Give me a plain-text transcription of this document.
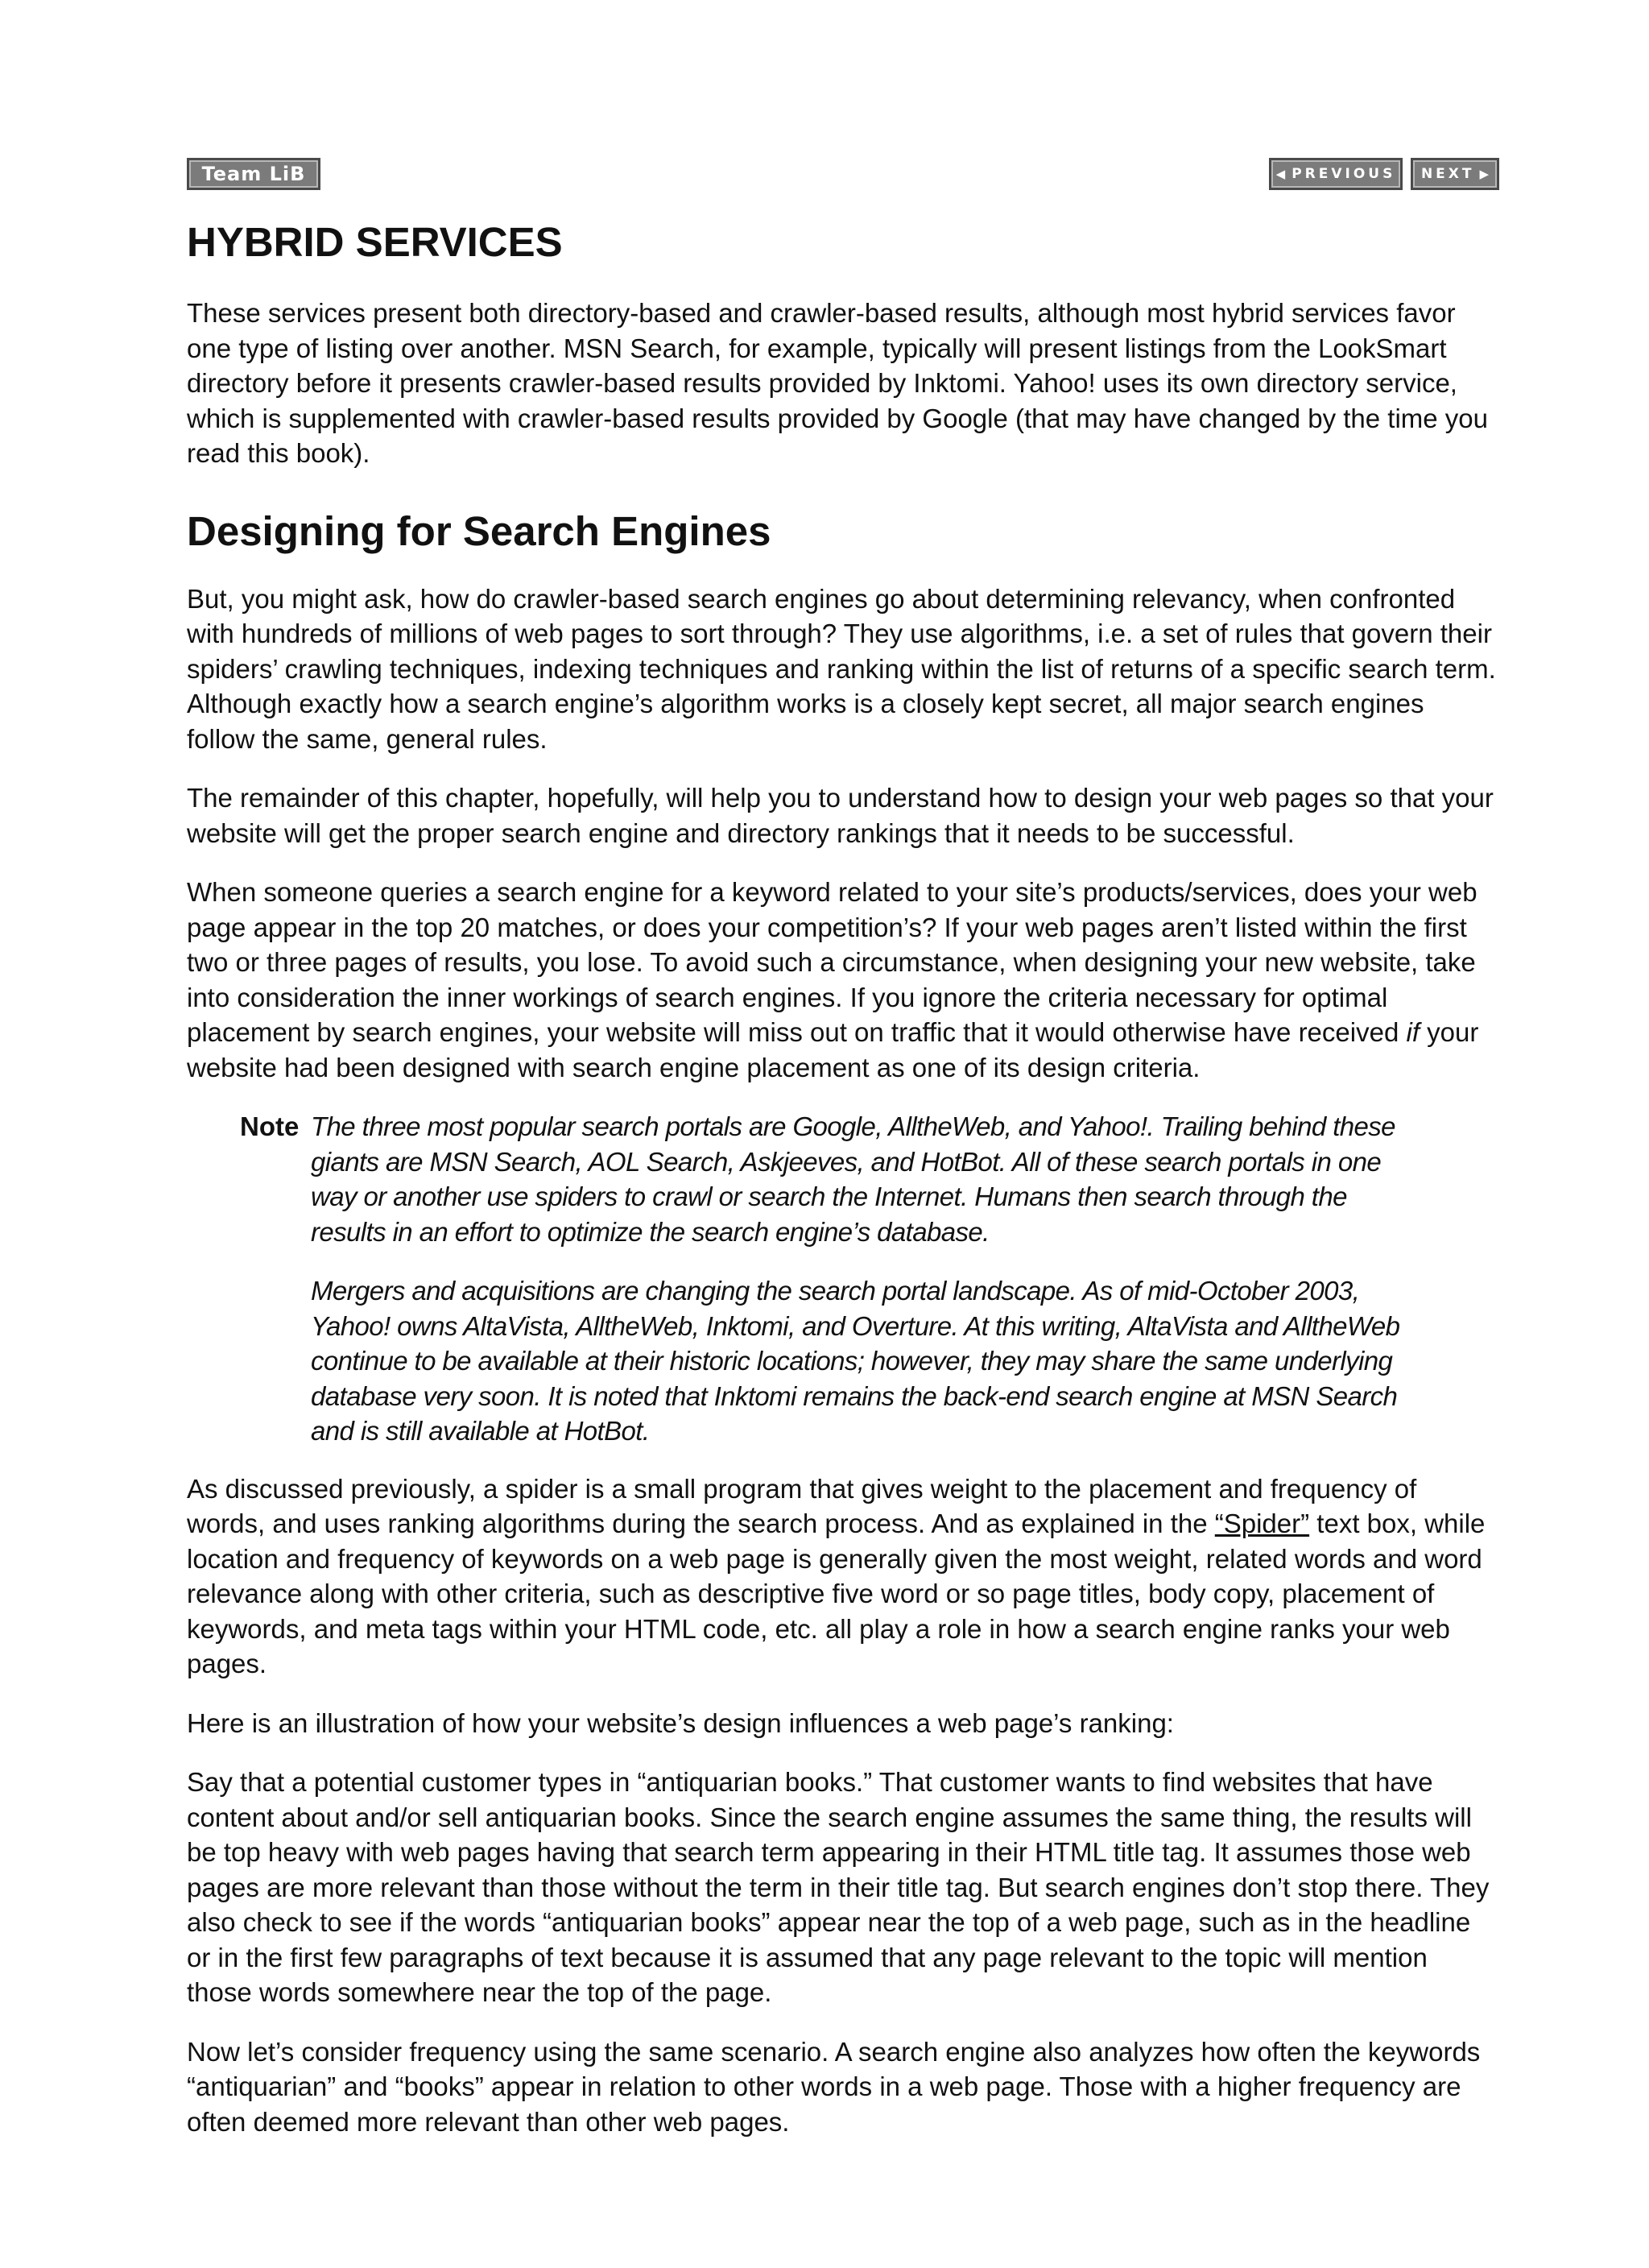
Team LiB	◀ PREVIOUS NEXT ▶
HYBRID SERVICES

These services present both directory-based and crawler-based results, although most hybrid services favor one type of listing over another. MSN Search, for example, typically will present listings from the LookSmart directory before it presents crawler-based results provided by Inktomi. Yahoo! uses its own directory service, which is supplemented with crawler-based results provided by Google (that may have changed by the time you read this book).

Designing for Search Engines

But, you might ask, how do crawler-based search engines go about determining relevancy, when confronted with hundreds of millions of web pages to sort through? They use algorithms, i.e. a set of rules that govern their spiders’ crawling techniques, indexing techniques and ranking within the list of returns of a specific search term. Although exactly how a search engine’s algorithm works is a closely kept secret, all major search engines follow the same, general rules.

The remainder of this chapter, hopefully, will help you to understand how to design your web pages so that your website will get the proper search engine and directory rankings that it needs to be successful.

When someone queries a search engine for a keyword related to your site’s products/services, does your web page appear in the top 20 matches, or does your competition’s? If your web pages aren’t listed within the first two or three pages of results, you lose. To avoid such a circumstance, when designing your new website, take into consideration the inner workings of search engines. If you ignore the criteria necessary for optimal placement by search engines, your website will miss out on traffic that it would otherwise have received if your website had been designed with search engine placement as one of its design criteria.

Note The three most popular search portals are Google, AlltheWeb, and Yahoo!. Trailing behind these giants are MSN Search, AOL Search, Askjeeves, and HotBot. All of these search portals in one way or another use spiders to crawl or search the Internet. Humans then search through the results in an effort to optimize the search engine’s database.

Mergers and acquisitions are changing the search portal landscape. As of mid-October 2003, Yahoo! owns AltaVista, AlltheWeb, Inktomi, and Overture. At this writing, AltaVista and AlltheWeb continue to be available at their historic locations; however, they may share the same underlying database very soon. It is noted that Inktomi remains the back-end search engine at MSN Search and is still available at HotBot.

As discussed previously, a spider is a small program that gives weight to the placement and frequency of words, and uses ranking algorithms during the search process. And as explained in the “Spider” text box, while location and frequency of keywords on a web page is generally given the most weight, related words and word relevance along with other criteria, such as descriptive five word or so page titles, body copy, placement of keywords, and meta tags within your HTML code, etc. all play a role in how a search engine ranks your web pages.

Here is an illustration of how your website’s design influences a web page’s ranking:

Say that a potential customer types in “antiquarian books.” That customer wants to find websites that have content about and/or sell antiquarian books. Since the search engine assumes the same thing, the results will be top heavy with web pages having that search term appearing in their HTML title tag. It assumes those web pages are more relevant than those without the term in their title tag. But search engines don’t stop there. They also check to see if the words “antiquarian books” appear near the top of a web page, such as in the headline or in the first few paragraphs of text because it is assumed that any page relevant to the topic will mention those words somewhere near the top of the page.

Now let’s consider frequency using the same scenario. A search engine also analyzes how often the keywords “antiquarian” and “books” appear in relation to other words in a web page. Those with a higher frequency are often deemed more relevant than other web pages.
